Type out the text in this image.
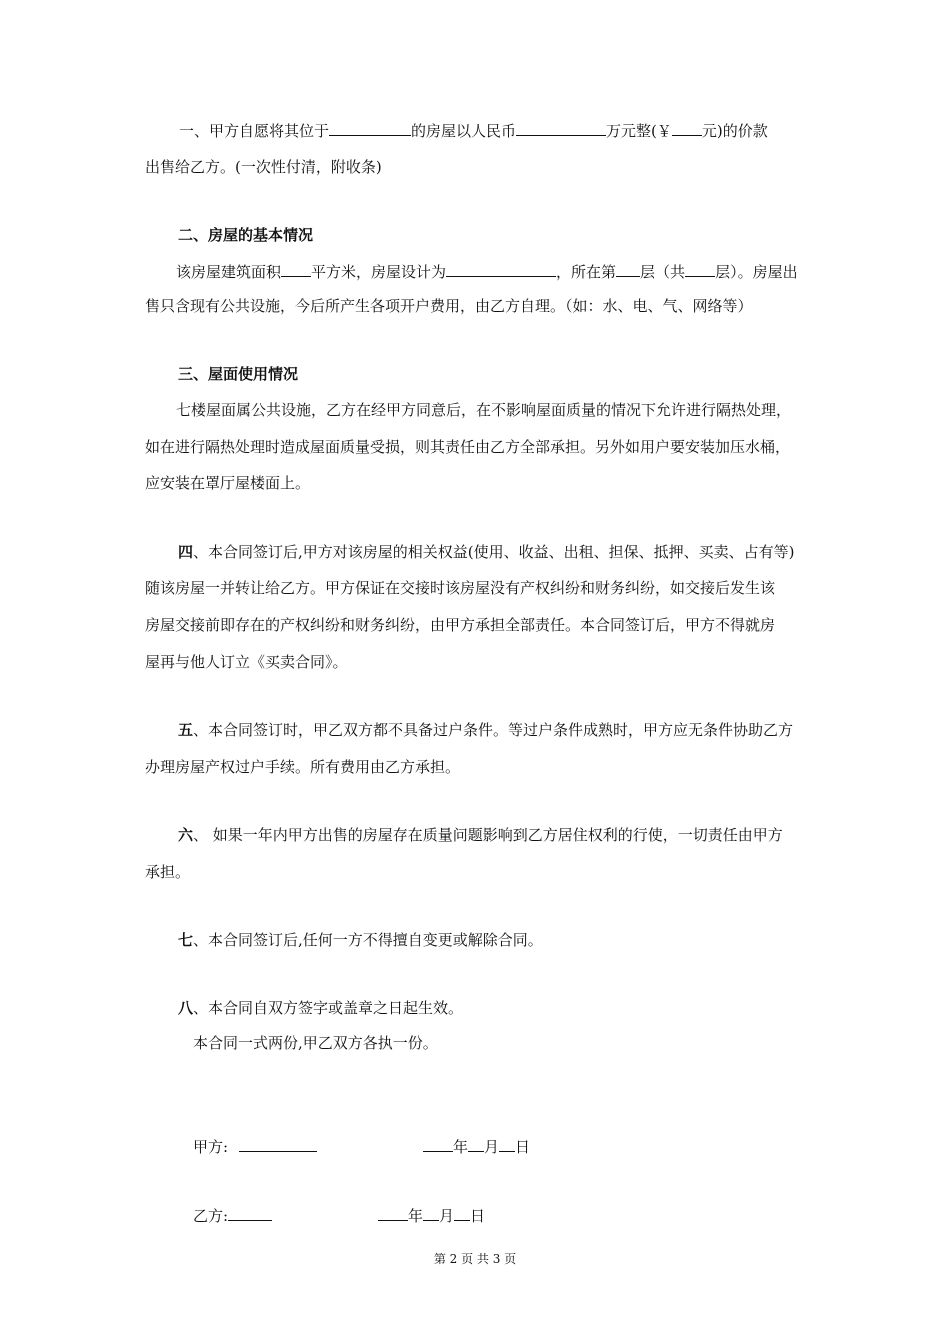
一、甲方自愿将其位于	的房屋以人民币	万元整(￥ 元)的价款
出售给乙方。(一次性付清，附收条)
二、房屋的基本情况
该房屋建筑面积 平方米，房屋设计为	，所在第 层（共 层）。房屋出
售只含现有公共设施，今后所产生各项开户费用，由乙方自理。（如：水、电、气、网络等）
三、屋面使用情况
七楼屋面属公共设施，乙方在经甲方同意后，在不影响屋面质量的情况下允许进行隔热处理，
如在进行隔热处理时造成屋面质量受损，则其责任由乙方全部承担。另外如用户要安装加压水桶，
应安装在罩厅屋楼面上。
四、本合同签订后,甲方对该房屋的相关权益(使用、收益、出租、担保、抵押、买卖、占有等)
随该房屋一并转让给乙方。甲方保证在交接时该房屋没有产权纠纷和财务纠纷，如交接后发生该
房屋交接前即存在的产权纠纷和财务纠纷，由甲方承担全部责任。本合同签订后，甲方不得就房
屋再与他人订立《买卖合同》。
五、本合同签订时，甲乙双方都不具备过户条件。等过户条件成熟时，甲方应无条件协助乙方
办理房屋产权过户手续。所有费用由乙方承担。
六、 如果一年内甲方出售的房屋存在质量问题影响到乙方居住权利的行使，一切责任由甲方
承担。
七、本合同签订后,任何一方不得擅自变更或解除合同。
八、本合同自双方签字或盖章之日起生效。
本合同一式两份,甲乙双方各执一份。
甲方:	年 月 日
乙方:	年 月 日
第 2 页 共 3 页
